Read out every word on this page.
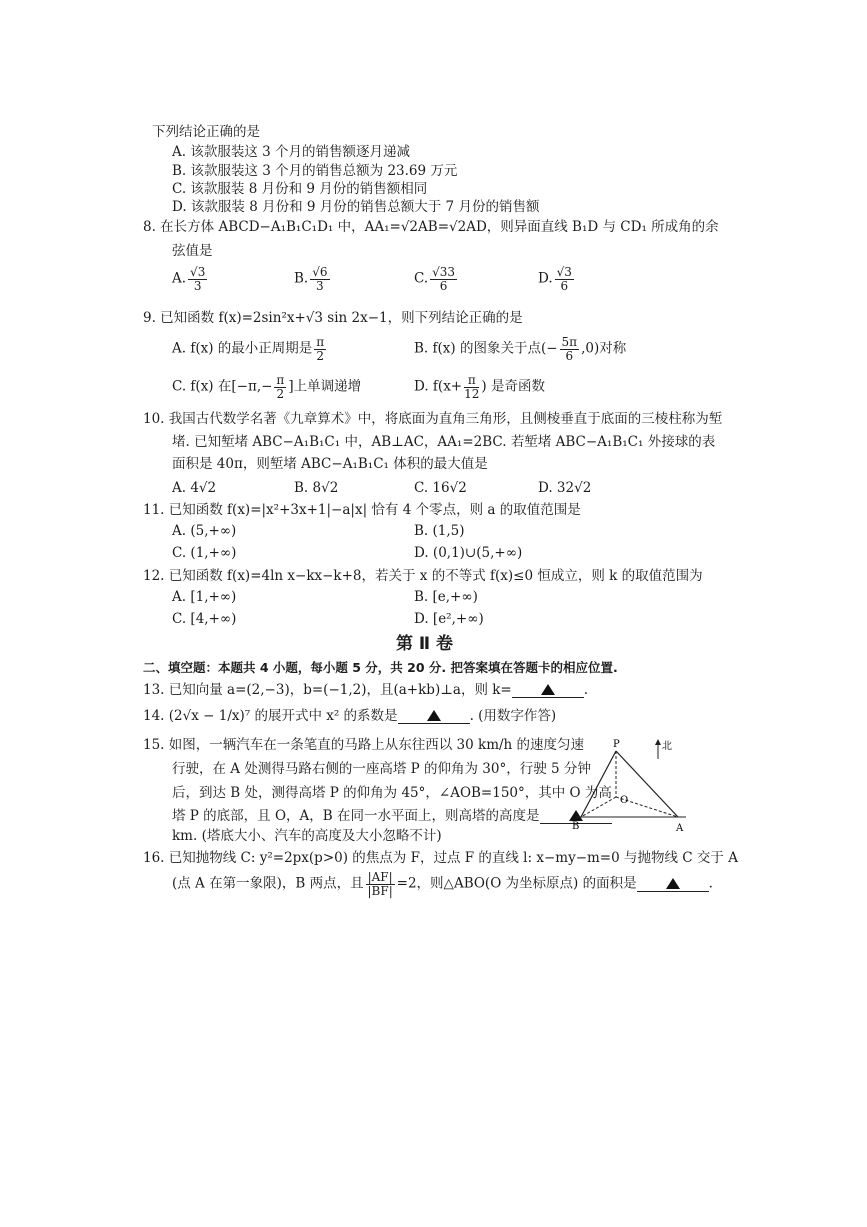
下列结论正确的是
A. 该款服装这 3 个月的销售额逐月递减
B. 该款服装这 3 个月的销售总额为 23.69 万元
C. 该款服装 8 月份和 9 月份的销售额相同
D. 该款服装 8 月份和 9 月份的销售总额大于 7 月份的销售额
8. 在长方体 ABCD−A₁B₁C₁D₁ 中，AA₁=√2AB=√2AD，则异面直线 B₁D 与 CD₁ 所成角的余
弦值是
A. $\frac{√3}{3}$	B. $\frac{√6}{3}$	C. $\frac{√33}{6}$	D. $\frac{√3}{6}$
9. 已知函数 f(x)=2sin²x+√3 sin 2x−1，则下列结论正确的是
A. f(x) 的最小正周期是 $\frac{\pi}{2}$	B. f(x) 的图象关于点(− $\frac{5\pi}{6} ,0$)对称
C. f(x) 在[$-\pi,- \frac{\pi}{2}$ ]上单调递增	D. $f(x+ \frac{\pi}{12}$ ) 是奇函数
10. 我国古代数学名著《九章算术》中，将底面为直角三角形，且侧棱垂直于底面的三棱柱称为堑
堵. 已知堑堵 ABC−A₁B₁C₁ 中，AB⊥AC，AA₁=2BC. 若堑堵 ABC−A₁B₁C₁ 外接球的表
面积是 40π，则堑堵 ABC−A₁B₁C₁ 体积的最大值是
A. 4√2	B. 8√2	C. 16√2	D. 32√2
11. 已知函数 f(x)=|x²+3x+1|−a|x| 恰有 4 个零点，则 a 的取值范围是
A. (5,+∞)	B. (1,5)
C. (1,+∞)	D. (0,1)∪(5,+∞)
12. 已知函数 f(x)=4ln x−kx−k+8，若关于 x 的不等式 f(x)≤0 恒成立，则 k 的取值范围为
A. [1,+∞)	B. [e,+∞)
C. [4,+∞)	D. [e²,+∞)
第 Ⅱ 卷
二、填空题：本题共 4 小题，每小题 5 分，共 20 分. 把答案填在答题卡的相应位置.
13. 已知向量 a=(2,−3)，b=(−1,2)，且(a+kb)⊥a，则 k=	.
14. (2√x − 1/x)⁷ 的展开式中 x² 的系数是	. (用数字作答)
15. 如图，一辆汽车在一条笔直的马路上从东往西以 30 km/h 的速度匀速
行驶，在 A 处测得马路右侧的一座高塔 P 的仰角为 30°，行驶 5 分钟
后，到达 B 处，测得高塔 P 的仰角为 45°，∠AOB=150°，其中 O 为高
塔 P 的底部，且 O，A，B 在同一水平面上，则高塔的高度是
km. (塔底大小、汽车的高度及大小忽略不计)
P
O
A
B
北
16. 已知抛物线 C: y²=2px(p>0) 的焦点为 F，过点 F 的直线 l: x−my−m=0 与抛物线 C 交于 A
(点 A 在第一象限)，B 两点，且 $\frac{|AF|}{|BF|} =2$，则△ABO(O 为坐标原点) 的面积是	.
